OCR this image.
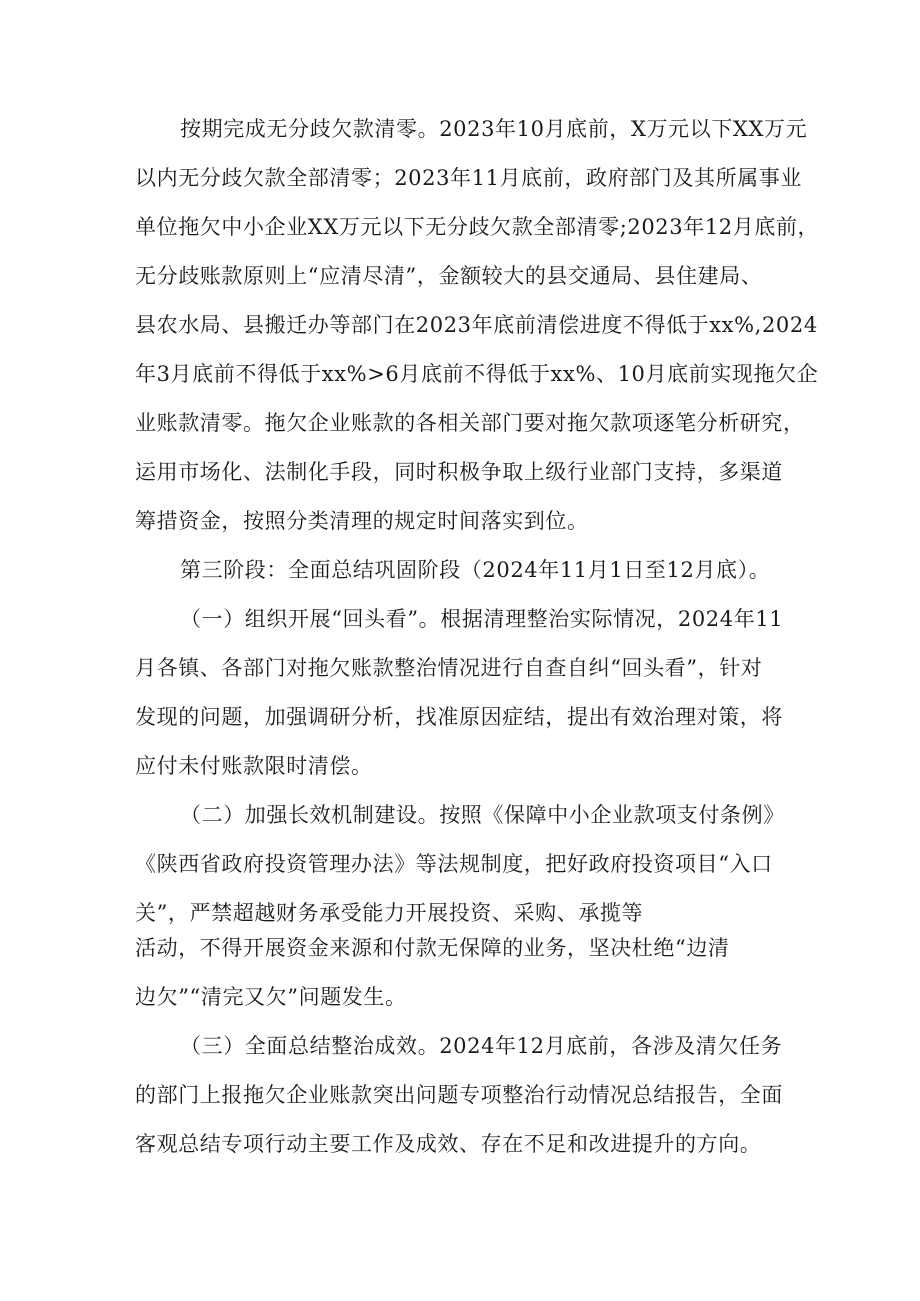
按期完成无分歧欠款清零。2023年10月底前，X万元以下XX万元
以内无分歧欠款全部清零；2023年11月底前，政府部门及其所属事业
单位拖欠中小企业XX万元以下无分歧欠款全部清零;2023年12月底前，
无分歧账款原则上“应清尽清”，金额较大的县交通局、县住建局、
县农水局、县搬迁办等部门在2023年底前清偿进度不得低于xx%,2024
年3月底前不得低于xx%>6月底前不得低于xx%、10月底前实现拖欠企
业账款清零。拖欠企业账款的各相关部门要对拖欠款项逐笔分析研究，
运用市场化、法制化手段，同时积极争取上级行业部门支持，多渠道
筹措资金，按照分类清理的规定时间落实到位。
第三阶段：全面总结巩固阶段（2024年11月1日至12月底）。
（一）组织开展“回头看”。根据清理整治实际情况，2024年11
月各镇、各部门对拖欠账款整治情况进行自查自纠“回头看”，针对
发现的问题，加强调研分析，找准原因症结，提出有效治理对策，将
应付未付账款限时清偿。
（二）加强长效机制建设。按照《保障中小企业款项支付条例》
《陕西省政府投资管理办法》等法规制度，把好政府投资项目“入口
关”，严禁超越财务承受能力开展投资、采购、承揽等
活动，不得开展资金来源和付款无保障的业务，坚决杜绝“边清
边欠”“清完又欠”问题发生。
（三）全面总结整治成效。2024年12月底前，各涉及清欠任务
的部门上报拖欠企业账款突出问题专项整治行动情况总结报告，全面
客观总结专项行动主要工作及成效、存在不足和改进提升的方向。
